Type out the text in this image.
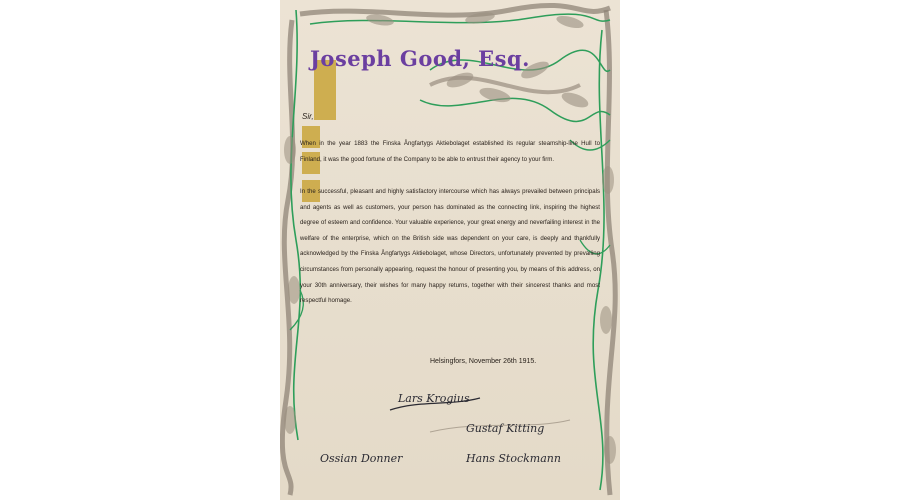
Joseph Good, Esq.
Sir,
When in the year 1883 the Finska Ångfartygs Aktiebolaget established its regular steamship-line Hull to Finland, it was the good fortune of the Company to be able to entrust their agency to your firm.
In the successful, pleasant and highly satisfactory intercourse which has always prevailed between principals and agents as well as customers, your person has dominated as the connecting link, inspiring the highest degree of esteem and confidence. Your valuable experience, your great energy and neverfailing interest in the welfare of the enterprise, which on the British side was dependent on your care, is deeply and thankfully acknowledged by the Finska Ångfartygs Aktiebolaget, whose Directors, unfortunately prevented by prevailing circumstances from personally appearing, request the honour of presenting you, by means of this address, on your 30th anniversary, their wishes for many happy returns, together with their sincerest thanks and most respectful homage.
Helsingfors, November 26th 1915.
Lars Krogius
Gustaf Kitting
Ossian Donner	Hans Stockmann
